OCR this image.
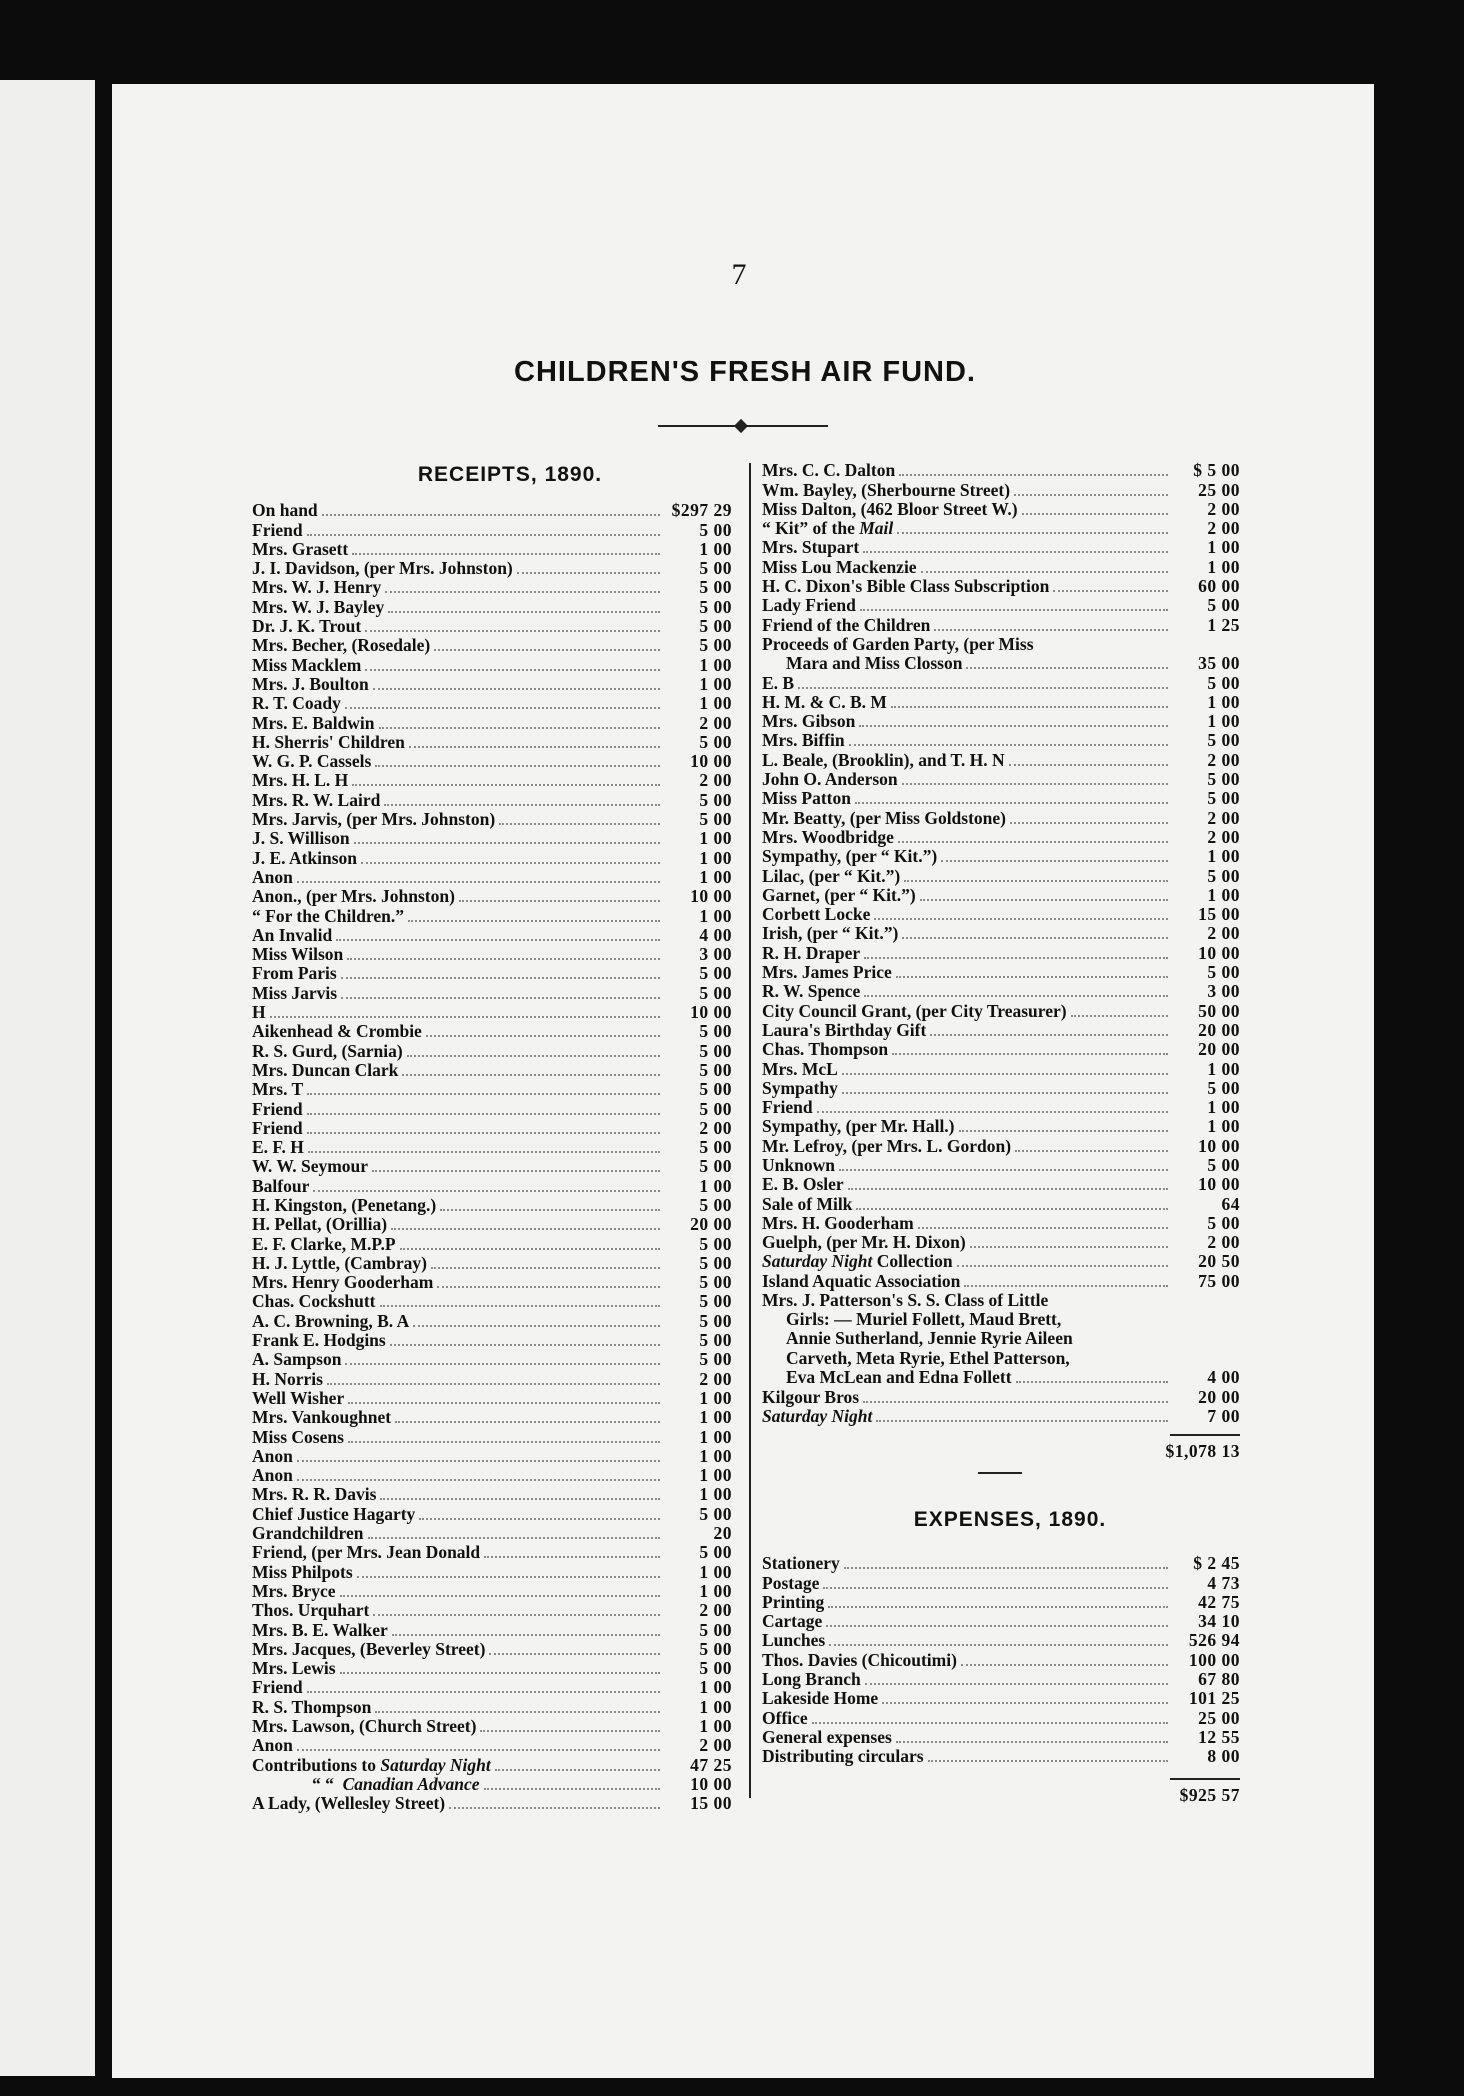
7
CHILDREN'S FRESH AIR FUND.
RECEIPTS, 1890.
On hand	$297 29
Friend	5 00
Mrs. Grasett	1 00
J. I. Davidson, (per Mrs. Johnston)	5 00
Mrs. W. J. Henry	5 00
Mrs. W. J. Bayley	5 00
Dr. J. K. Trout	5 00
Mrs. Becher, (Rosedale)	5 00
Miss Macklem	1 00
Mrs. J. Boulton	1 00
R. T. Coady	1 00
Mrs. E. Baldwin	2 00
H. Sherris' Children	5 00
W. G. P. Cassels	10 00
Mrs. H. L. H	2 00
Mrs. R. W. Laird	5 00
Mrs. Jarvis, (per Mrs. Johnston)	5 00
J. S. Willison	1 00
J. E. Atkinson	1 00
Anon	1 00
Anon., (per Mrs. Johnston)	10 00
“ For the Children.”	1 00
An Invalid	4 00
Miss Wilson	3 00
From Paris	5 00
Miss Jarvis	5 00
H	10 00
Aikenhead & Crombie	5 00
R. S. Gurd, (Sarnia)	5 00
Mrs. Duncan Clark	5 00
Mrs. T	5 00
Friend	5 00
Friend	2 00
E. F. H	5 00
W. W. Seymour	5 00
Balfour	1 00
H. Kingston, (Penetang.)	5 00
H. Pellat, (Orillia)	20 00
E. F. Clarke, M.P.P	5 00
H. J. Lyttle, (Cambray)	5 00
Mrs. Henry Gooderham	5 00
Chas. Cockshutt	5 00
A. C. Browning, B. A	5 00
Frank E. Hodgins	5 00
A. Sampson	5 00
H. Norris	2 00
Well Wisher	1 00
Mrs. Vankoughnet	1 00
Miss Cosens	1 00
Anon	1 00
Anon	1 00
Mrs. R. R. Davis	1 00
Chief Justice Hagarty	5 00
Grandchildren	20
Friend, (per Mrs. Jean Donald	5 00
Miss Philpots	1 00
Mrs. Bryce	1 00
Thos. Urquhart	2 00
Mrs. B. E. Walker	5 00
Mrs. Jacques, (Beverley Street)	5 00
Mrs. Lewis	5 00
Friend	1 00
R. S. Thompson	1 00
Mrs. Lawson, (Church Street)	1 00
Anon	2 00
Contributions to Saturday Night	47 25
“ “ Canadian Advance	10 00
A Lady, (Wellesley Street)	15 00
Mrs. C. C. Dalton	$ 5 00
Wm. Bayley, (Sherbourne Street)	25 00
Miss Dalton, (462 Bloor Street W.)	2 00
“ Kit” of the Mail	2 00
Mrs. Stupart	1 00
Miss Lou Mackenzie	1 00
H. C. Dixon's Bible Class Subscription	60 00
Lady Friend	5 00
Friend of the Children	1 25
Proceeds of Garden Party, (per Miss
Mara and Miss Closson	35 00
E. B	5 00
H. M. & C. B. M	1 00
Mrs. Gibson	1 00
Mrs. Biffin	5 00
L. Beale, (Brooklin), and T. H. N	2 00
John O. Anderson	5 00
Miss Patton	5 00
Mr. Beatty, (per Miss Goldstone)	2 00
Mrs. Woodbridge	2 00
Sympathy, (per “ Kit.”)	1 00
Lilac, (per “ Kit.”)	5 00
Garnet, (per “ Kit.”)	1 00
Corbett Locke	15 00
Irish, (per “ Kit.”)	2 00
R. H. Draper	10 00
Mrs. James Price	5 00
R. W. Spence	3 00
City Council Grant, (per City Treasurer)	50 00
Laura's Birthday Gift	20 00
Chas. Thompson	20 00
Mrs. McL	1 00
Sympathy	5 00
Friend	1 00
Sympathy, (per Mr. Hall.)	1 00
Mr. Lefroy, (per Mrs. L. Gordon)	10 00
Unknown	5 00
E. B. Osler	10 00
Sale of Milk	64
Mrs. H. Gooderham	5 00
Guelph, (per Mr. H. Dixon)	2 00
Saturday Night Collection	20 50
Island Aquatic Association	75 00
Mrs. J. Patterson's S. S. Class of Little
Girls: — Muriel Follett, Maud Brett,
Annie Sutherland, Jennie Ryrie Aileen
Carveth, Meta Ryrie, Ethel Patterson,
Eva McLean and Edna Follett	4 00
Kilgour Bros	20 00
Saturday Night	7 00
$1,078 13
EXPENSES, 1890.
Stationery	$ 2 45
Postage	4 73
Printing	42 75
Cartage	34 10
Lunches	526 94
Thos. Davies (Chicoutimi)	100 00
Long Branch	67 80
Lakeside Home	101 25
Office	25 00
General expenses	12 55
Distributing circulars	8 00
$925 57
